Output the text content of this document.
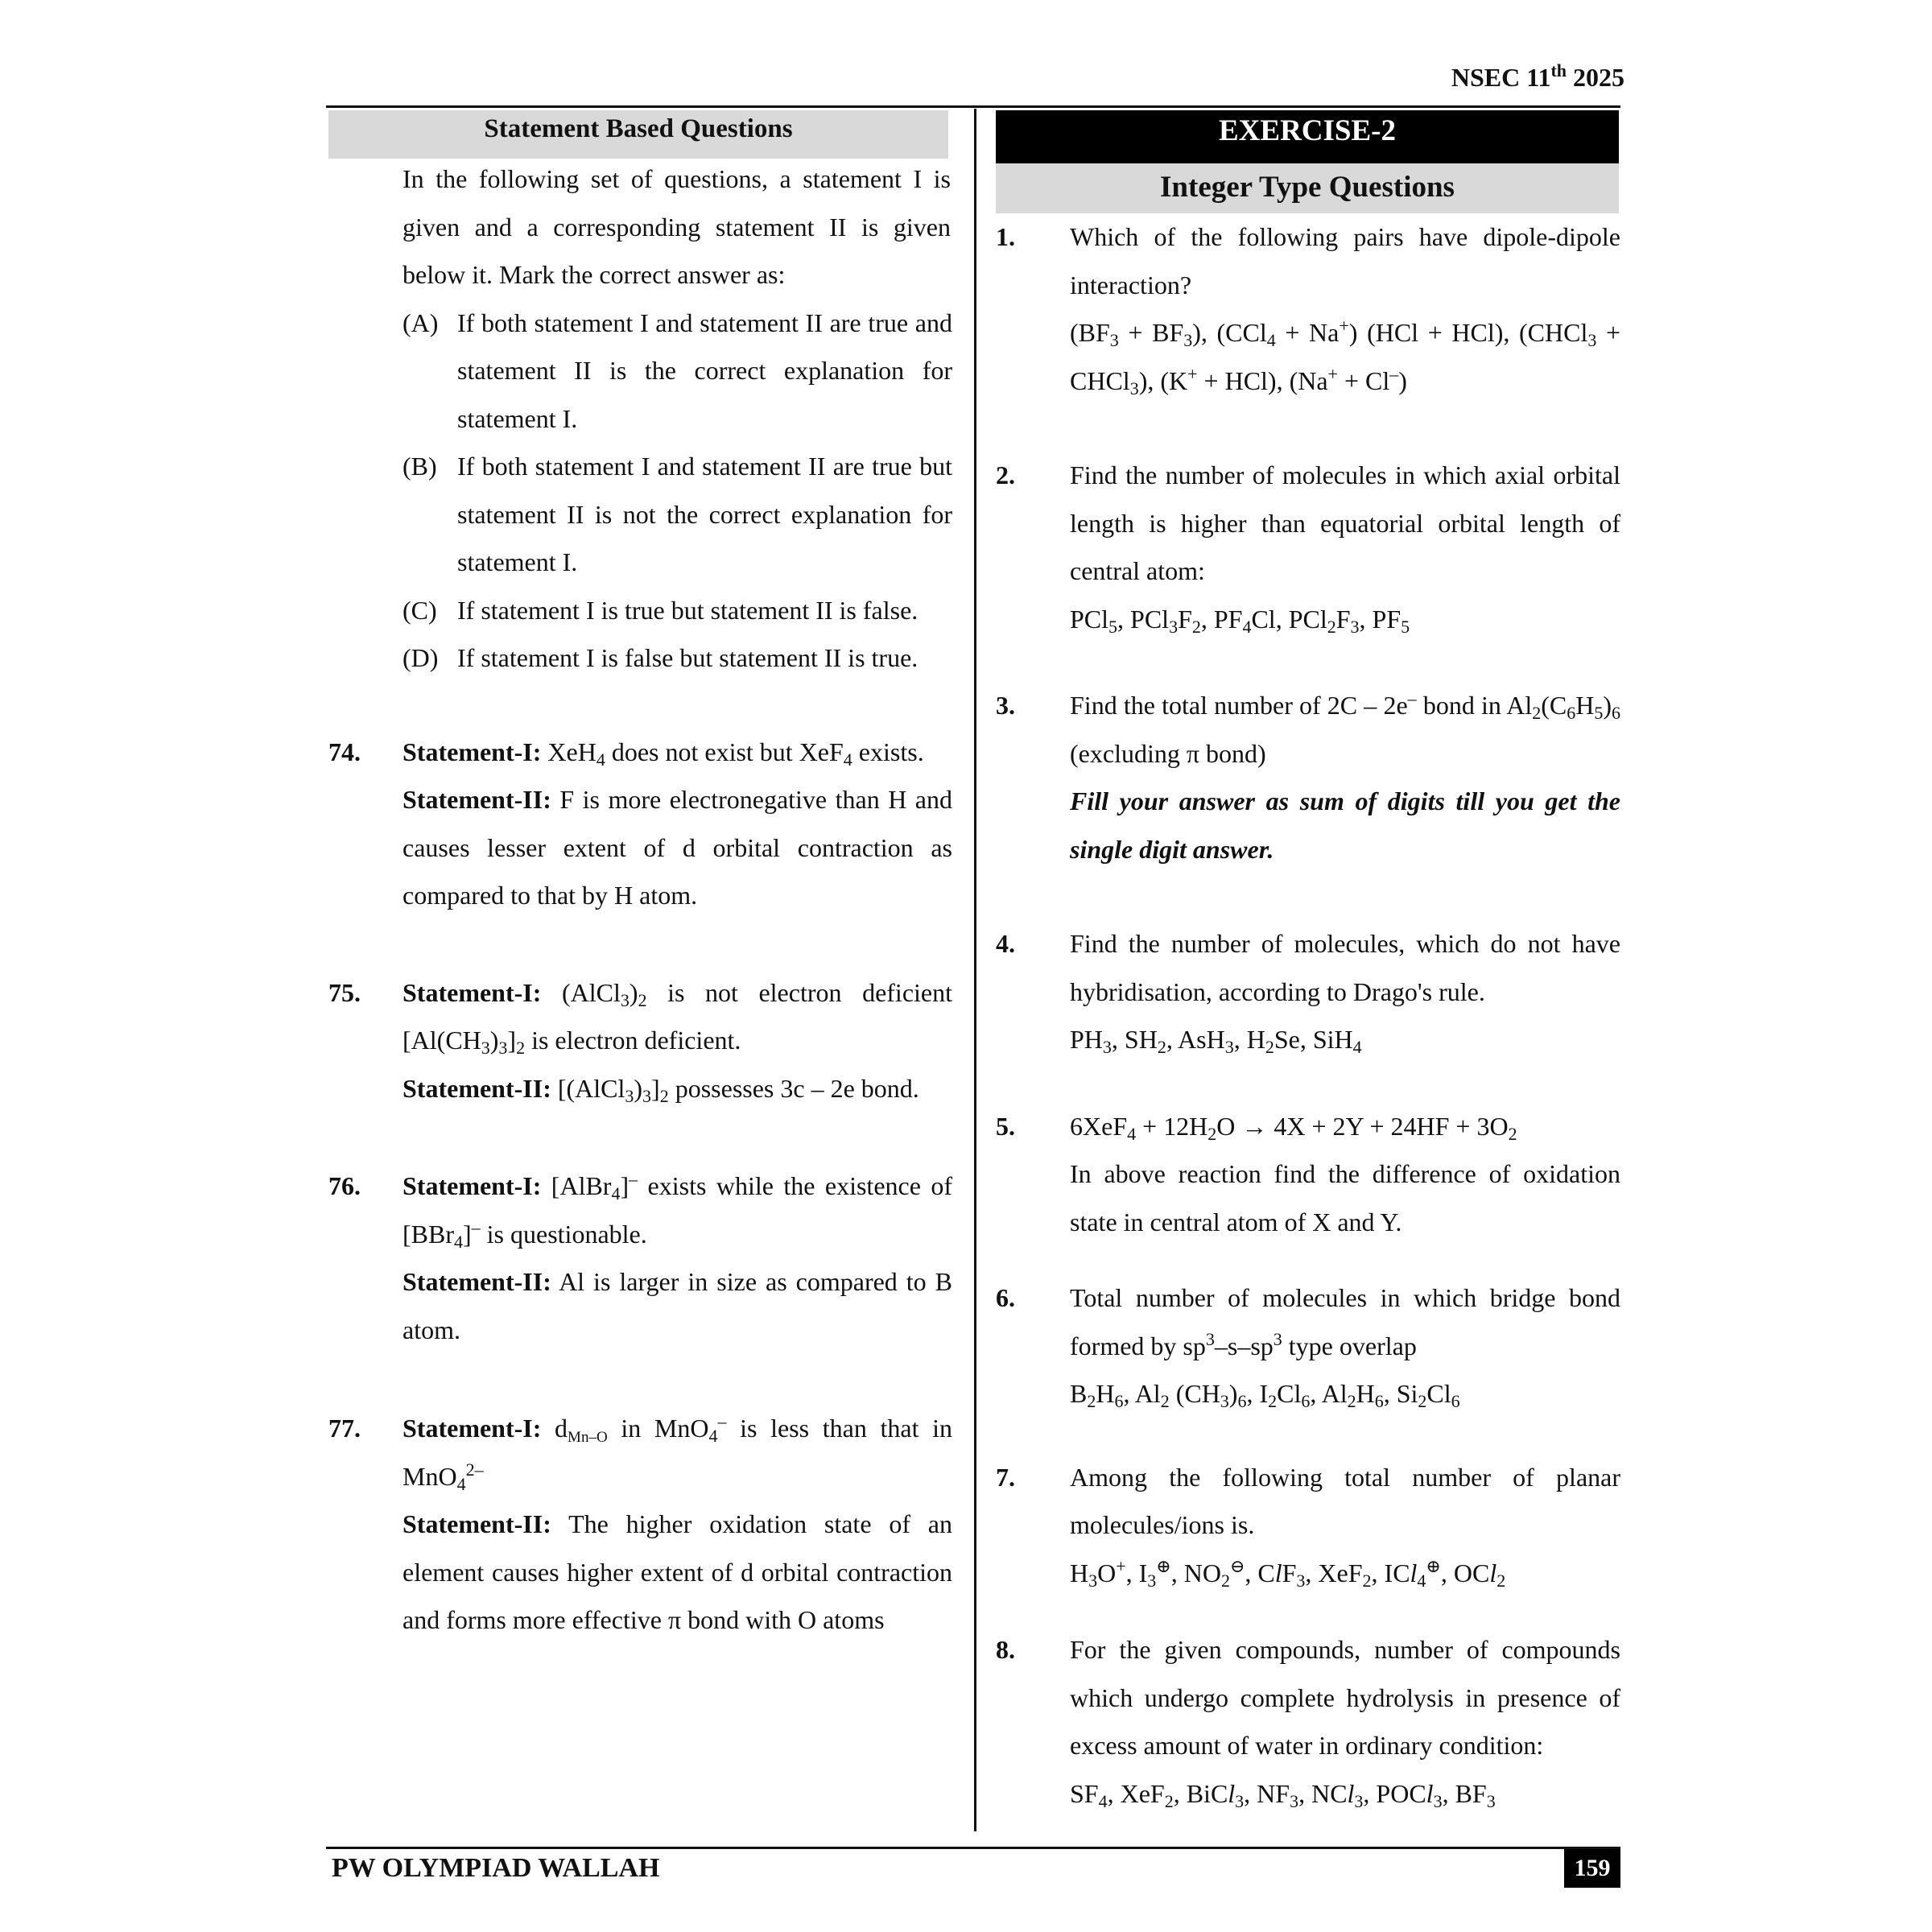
NSEC 11th 2025
Statement Based Questions
In the following set of questions, a statement I is given and a corresponding statement II is given below it. Mark the correct answer as:
(A) If both statement I and statement II are true and statement II is the correct explanation for statement I.
(B) If both statement I and statement II are true but statement II is not the correct explanation for statement I.
(C) If statement I is true but statement II is false.
(D) If statement I is false but statement II is true.
74.	Statement-I: XeH$_4$ does not exist but XeF$_4$ exists.
Statement-II: F is more electronegative than H and causes lesser extent of d orbital contraction as compared to that by H atom.
75.	Statement-I: $(AlCl_3)_2$ is not electron deficient $[Al(CH_3)_3]_2$ is electron deficient.
Statement-II: $[(AlCl_3)_3]_2$ possesses 3c – 2e bond.
76.	Statement-I: [AlBr$_4$]– exists while the existence of [BBr$_4$]– is questionable.
Statement-II: Al is larger in size as compared to B atom.
77.	Statement-I: $d_{Mn-O}$ in MnO$_4$– is less than that in MnO$_4^{2-}$
Statement-II: The higher oxidation state of an element causes higher extent of d orbital contraction and forms more effective π bond with O atoms
EXERCISE-2
Integer Type Questions
1.	Which of the following pairs have dipole-dipole interaction?
$(BF_3 + BF_3)$, (CCl$_4$ + Na+) (HCl + HCl), (CHCl$_3$ + CHCl$_3$), (K+ + HCl), (Na+ + Cl–)
2.	Find the number of molecules in which axial orbital length is higher than equatorial orbital length of central atom:
PCl$_5$, $PCl_3F_2$, $PF_4Cl$, $PCl_2F_3$, $PF_5$
3.	Find the total number of 2C – 2e– bond in $Al_2(C_6H_5)_6$ (excluding π bond)
Fill your answer as sum of digits till you get the single digit answer.
4.	Find the number of molecules, which do not have hybridisation, according to Drago's rule.
$PH_3$, $SH_2$, AsH$_3$, $H_2Se$, SiH$_4$
5.	$6XeF_4 + 12H_2O \to 4X + 2Y + 24HF + 3O_2$
In above reaction find the difference of oxidation state in central atom of X and Y.
6.	Total number of molecules in which bridge bond formed by $sp^3-s-sp^3$ type overlap
$B_2H_6$, $Al_2$ $(CH_3)_6$, $I_2Cl_6$, $Al_2H_6$, $Si_2Cl_6$
7.	Among the following total number of planar molecules/ions is.
$H_3O^+$, $I_3^\oplus$, $NO_2^⊖$, ClF$_3$, XeF$_2$, ICl$_4$⊕, OCl$_2$
8.	For the given compounds, number of compounds which undergo complete hydrolysis in presence of excess amount of water in ordinary condition:
$SF_4$, XeF$_2$, BiCl$_3$, $NF_3$, NCl$_3$, POCl$_3$, $BF_3$
PW OLYMPIAD WALLAH	159
